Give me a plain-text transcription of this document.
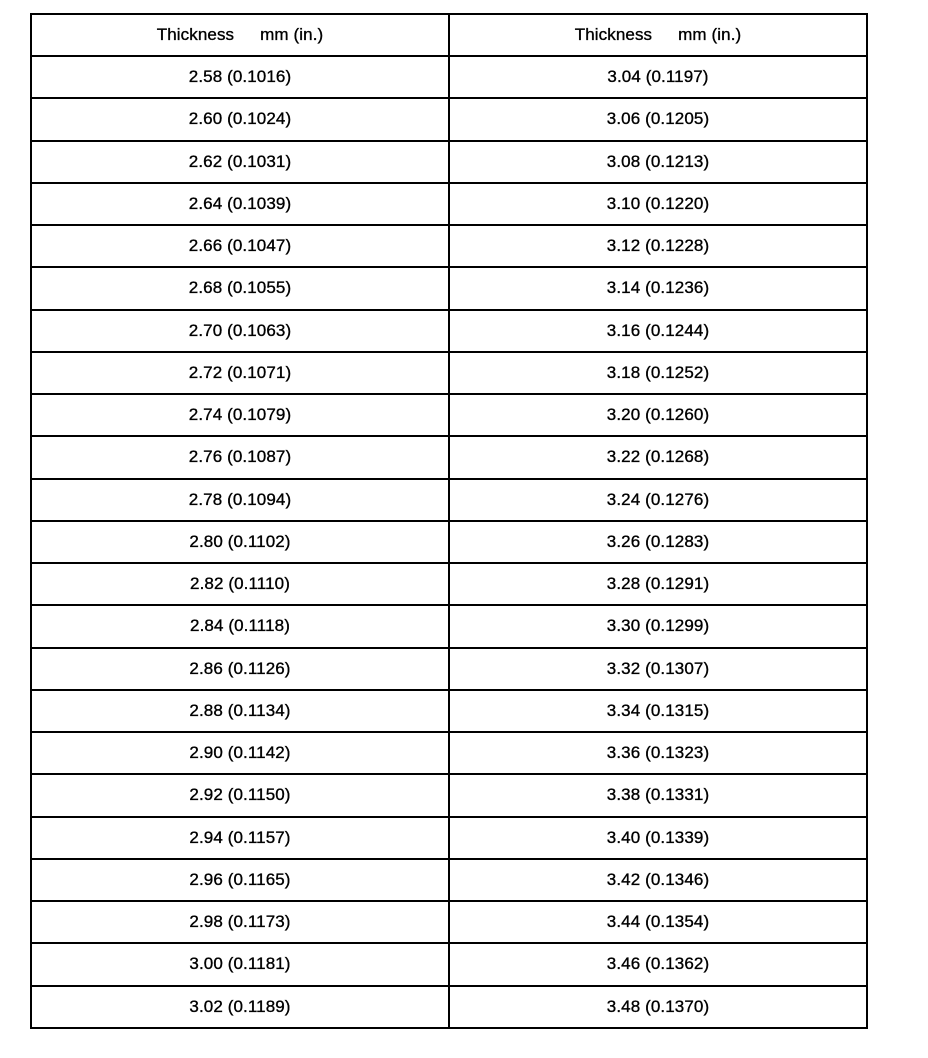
Thickness mm (in.)	Thickness mm (in.)
2.58 (0.1016)	3.04 (0.1197)
2.60 (0.1024)	3.06 (0.1205)
2.62 (0.1031)	3.08 (0.1213)
2.64 (0.1039)	3.10 (0.1220)
2.66 (0.1047)	3.12 (0.1228)
2.68 (0.1055)	3.14 (0.1236)
2.70 (0.1063)	3.16 (0.1244)
2.72 (0.1071)	3.18 (0.1252)
2.74 (0.1079)	3.20 (0.1260)
2.76 (0.1087)	3.22 (0.1268)
2.78 (0.1094)	3.24 (0.1276)
2.80 (0.1102)	3.26 (0.1283)
2.82 (0.1110)	3.28 (0.1291)
2.84 (0.1118)	3.30 (0.1299)
2.86 (0.1126)	3.32 (0.1307)
2.88 (0.1134)	3.34 (0.1315)
2.90 (0.1142)	3.36 (0.1323)
2.92 (0.1150)	3.38 (0.1331)
2.94 (0.1157)	3.40 (0.1339)
2.96 (0.1165)	3.42 (0.1346)
2.98 (0.1173)	3.44 (0.1354)
3.00 (0.1181)	3.46 (0.1362)
3.02 (0.1189)	3.48 (0.1370)
